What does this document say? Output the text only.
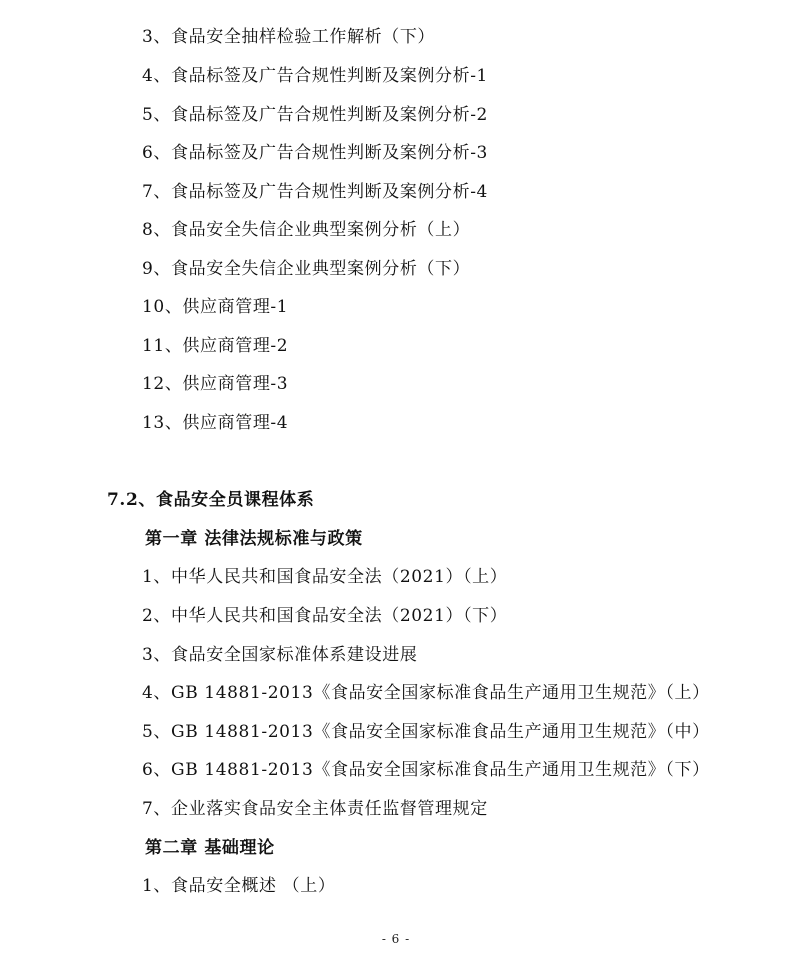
3、食品安全抽样检验工作解析（下）
4、食品标签及广告合规性判断及案例分析-1
5、食品标签及广告合规性判断及案例分析-2
6、食品标签及广告合规性判断及案例分析-3
7、食品标签及广告合规性判断及案例分析-4
8、食品安全失信企业典型案例分析（上）
9、食品安全失信企业典型案例分析（下）
10、供应商管理-1
11、供应商管理-2
12、供应商管理-3
13、供应商管理-4
7.2、食品安全员课程体系
第一章 法律法规标准与政策
1、中华人民共和国食品安全法（2021）（上）
2、中华人民共和国食品安全法（2021）（下）
3、食品安全国家标准体系建设进展
4、GB 14881-2013《食品安全国家标准食品生产通用卫生规范》（上）
5、GB 14881-2013《食品安全国家标准食品生产通用卫生规范》（中）
6、GB 14881-2013《食品安全国家标准食品生产通用卫生规范》（下）
7、企业落实食品安全主体责任监督管理规定
第二章 基础理论
1、食品安全概述 （上）
- 6 -
